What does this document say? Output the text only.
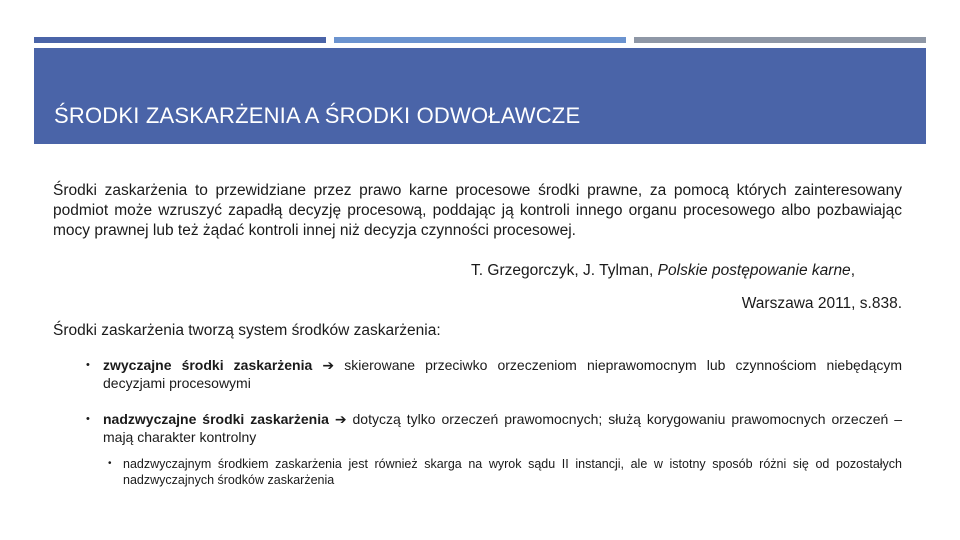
ŚRODKI ZASKARŻENIA A ŚRODKI ODWOŁAWCZE

Środki zaskarżenia to przewidziane przez prawo karne procesowe środki prawne, za pomocą których zainteresowany podmiot może wzruszyć zapadłą decyzję procesową, poddając ją kontroli innego organu procesowego albo pozbawiając mocy prawnej lub też żądać kontroli innej niż decyzja czynności procesowej.

T. Grzegorczyk, J. Tylman, Polskie postępowanie karne,

Warszawa 2011, s.838.

Środki zaskarżenia tworzą system środków zaskarżenia:

• zwyczajne środki zaskarżenia ➔ skierowane przeciwko orzeczeniom nieprawomocnym lub czynnościom niebędącym decyzjami procesowymi
• nadzwyczajne środki zaskarżenia ➔ dotyczą tylko orzeczeń prawomocnych; służą korygowaniu prawomocnych orzeczeń – mają charakter kontrolny
• nadzwyczajnym środkiem zaskarżenia jest również skarga na wyrok sądu II instancji, ale w istotny sposób różni się od pozostałych nadzwyczajnych środków zaskarżenia
